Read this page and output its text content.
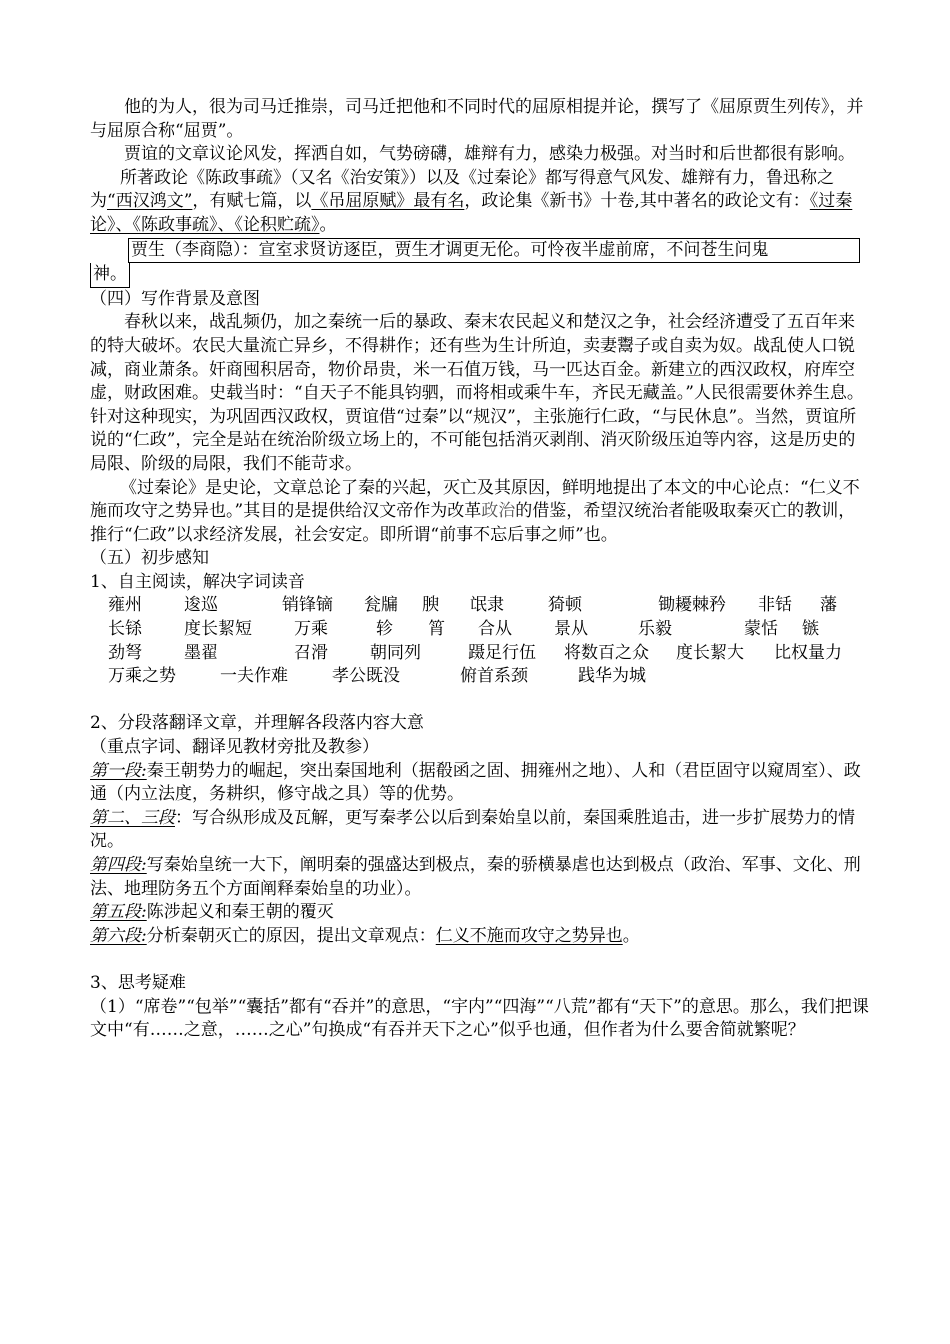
他的为人，很为司马迁推崇，司马迁把他和不同时代的屈原相提并论，撰写了《屈原贾生列传》，并与屈原合称“屈贾”。

贾谊的文章议论风发，挥洒自如，气势磅礴，雄辩有力，感染力极强。对当时和后世都很有影响。

所著政论《陈政事疏》（又名《治安策》）以及《过秦论》都写得意气风发、雄辩有力，鲁迅称之为“西汉鸿文”，有赋七篇，以《吊屈原赋》最有名，政论集《新书》十卷,其中著名的政论文有：《过秦论》、《陈政事疏》、《论积贮疏》。

贾生（李商隐）：宣室求贤访逐臣，贾生才调更无伦。可怜夜半虚前席，不问苍生问鬼
神。

（四）写作背景及意图

春秋以来，战乱频仍，加之秦统一后的暴政、秦末农民起义和楚汉之争，社会经济遭受了五百年来的特大破坏。农民大量流亡异乡，不得耕作；还有些为生计所迫，卖妻鬻子或自卖为奴。战乱使人口锐减，商业萧条。奸商囤积居奇，物价昂贵，米一石值万钱，马一匹达百金。新建立的西汉政权，府库空虚，财政困难。史载当时：“自天子不能具钧驷，而将相或乘牛车，齐民无藏盖。”人民很需要休养生息。针对这种现实，为巩固西汉政权，贾谊借“过秦”以“规汉”，主张施行仁政，“与民休息”。当然，贾谊所说的“仁政”，完全是站在统治阶级立场上的，不可能包括消灭剥削、消灭阶级压迫等内容，这是历史的局限、阶级的局限，我们不能苛求。

《过秦论》是史论，文章总论了秦的兴起，灭亡及其原因，鲜明地提出了本文的中心论点：“仁义不施而攻守之势异也。”其目的是提供给汉文帝作为改革政治的借鉴，希望汉统治者能吸取秦灭亡的教训，推行“仁政”以求经济发展，社会安定。即所谓“前事不忘后事之师”也。

（五）初步感知

1、自主阅读，解决字词读音

雍州	逡巡	销锋镝	瓮牖	腴	氓隶	猗顿	锄耰棘矜	非铦	藩
长铩	度长絜短	万乘	轸	筲	合从	景从	乐毅	蒙恬	镞
劲弩	墨翟	召滑	朝同列	蹑足行伍	将数百之众	度长絜大	比权量力
万乘之势	一夫作难	孝公既没	俯首系颈	践华为城

2、分段落翻译文章，并理解各段落内容大意

（重点字词、翻译见教材旁批及教参）

第一段:秦王朝势力的崛起，突出秦国地利（据殽函之固、拥雍州之地）、人和（君臣固守以窥周室）、政通（内立法度，务耕织，修守战之具）等的优势。

第二、三段：写合纵形成及瓦解，更写秦孝公以后到秦始皇以前，秦国乘胜追击，进一步扩展势力的情况。

第四段:写秦始皇统一大下，阐明秦的强盛达到极点，秦的骄横暴虐也达到极点（政治、军事、文化、刑法、地理防务五个方面阐释秦始皇的功业）。

第五段:陈涉起义和秦王朝的覆灭

第六段:分析秦朝灭亡的原因，提出文章观点：仁义不施而攻守之势异也。

3、思考疑难

（1）“席卷”“包举”“囊括”都有“吞并”的意思，“宇内”“四海”“八荒”都有“天下”的意思。那么，我们把课文中“有……之意，……之心”句换成“有吞并天下之心”似乎也通，但作者为什么要舍简就繁呢？
